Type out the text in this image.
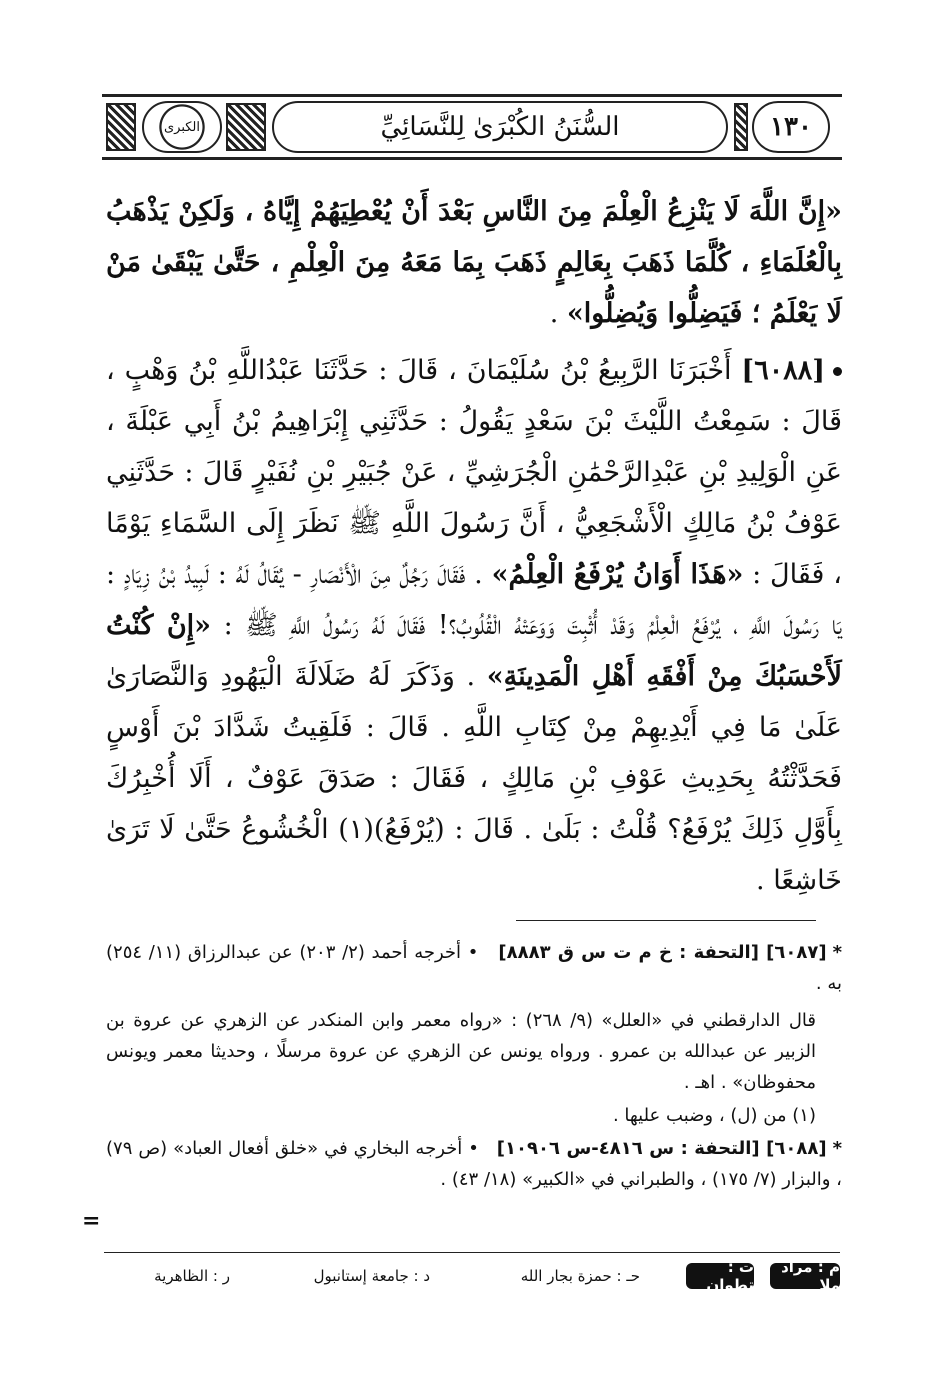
الكبرى	السُّنَنُ الكُبْرَىٰ لِلنَّسَائِيِّ	١٣٠

«إِنَّ اللَّهَ لَا يَنْزِعُ الْعِلْمَ مِنَ النَّاسِ بَعْدَ أَنْ يُعْطِيَهُمْ إِيَّاهُ ، وَلَكِنْ يَذْهَبُ بِالْعُلَمَاءِ ، كُلَّمَا ذَهَبَ بِعَالِمٍ ذَهَبَ بِمَا مَعَهُ مِنَ الْعِلْمِ ، حَتَّىٰ يَبْقَىٰ مَنْ لَا يَعْلَمُ ؛ فَيَضِلُّوا وَيُضِلُّوا» .

[٦٠٨٨] أَخْبَرَنَا الرَّبِيعُ بْنُ سُلَيْمَانَ ، قَالَ : حَدَّثَنَا عَبْدُاللَّهِ بْنُ وَهْبٍ ، قَالَ : سَمِعْتُ اللَّيْثَ بْنَ سَعْدٍ يَقُولُ : حَدَّثَنِي إِبْرَاهِيمُ بْنُ أَبِي عَبْلَةَ ، عَنِ الْوَلِيدِ بْنِ عَبْدِالرَّحْمَٰنِ الْجُرَشِيِّ ، عَنْ جُبَيْرِ بْنِ نُفَيْرٍ قَالَ : حَدَّثَنِي عَوْفُ بْنُ مَالِكٍ الْأَشْجَعِيُّ ، أَنَّ رَسُولَ اللَّهِ ﷺ نَظَرَ إِلَى السَّمَاءِ يَوْمًا ، فَقَالَ : «هَذَا أَوَانُ يُرْفَعُ الْعِلْمُ» . فَقَالَ رَجُلٌ مِنَ الْأَنْصَارِ - يُقَالُ لَهُ : لَبِيدُ بْنُ زِيَادٍ : يَا رَسُولَ اللَّهِ ، يُرْفَعُ الْعِلْمُ وَقَدْ أُثْبِتَ وَوَعَتْهُ الْقُلُوبُ؟! فَقَالَ لَهُ رَسُولُ اللَّهِ ﷺ : «إِنْ كُنْتُ لَأَحْسَبُكَ مِنْ أَفْقَهِ أَهْلِ الْمَدِينَةِ» . وَذَكَرَ لَهُ ضَلَالَةَ الْيَهُودِ وَالنَّصَارَىٰ عَلَىٰ مَا فِي أَيْدِيهِمْ مِنْ كِتَابِ اللَّهِ . قَالَ : فَلَقِيتُ شَدَّادَ بْنَ أَوْسٍ فَحَدَّثْتُهُ بِحَدِيثِ عَوْفِ بْنِ مَالِكٍ ، فَقَالَ : صَدَقَ عَوْفٌ ، أَلَا أُخْبِرُكَ بِأَوَّلِ ذَلِكَ يُرْفَعُ؟ قُلْتُ : بَلَىٰ . قَالَ : (يُرْفَعُ)(١) الْخُشُوعُ حَتَّىٰ لَا تَرَىٰ خَاشِعًا .

*[٦٠٨٧] [التحفة : خ م ت س ق ٨٨٨٣]   • أخرجه أحمد (٢/ ٢٠٣) عن عبدالرزاق (١١/ ٢٥٤) به .

قال الدارقطني في «العلل» (٩/ ٢٦٨) : «رواه معمر وابن المنكدر عن الزهري عن عروة بن الزبير عن عبدالله بن عمرو . ورواه يونس عن الزهري عن عروة مرسلًا ، وحديثا معمر ويونس محفوظان» . اهـ .

(١) من (ل) ، وضبب عليها .

*[٦٠٨٨] [التحفة : س ٤٨١٦-س ١٠٩٠٦]   • أخرجه البخاري في «خلق أفعال العباد» (ص ٧٩) ، والبزار (٧/ ١٧٥) ، والطبراني في «الكبير» (١٨/ ٤٣) .

=
م : مراد ملا
ت : تطوان
حـ : حمزة بجار الله
د : جامعة إستانبول
ر : الظاهرية
